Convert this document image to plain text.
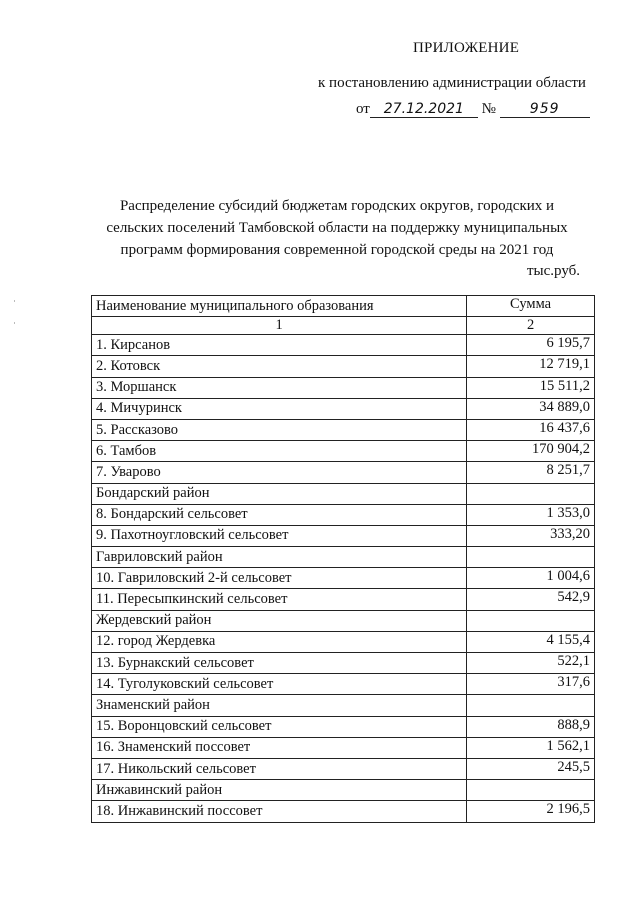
ПРИЛОЖЕНИЕ
к постановлению администрации области
от 27.12.2021 № 959
Распределение субсидий бюджетам городских округов, городских и сельских поселений Тамбовской области на поддержку муниципальных программ формирования современной городской среды на 2021 год
тыс.руб.
Наименование муниципального образования	Сумма
1	2
1. Кирсанов	6 195,7
2. Котовск	12 719,1
3. Моршанск	15 511,2
4. Мичуринск	34 889,0
5. Рассказово	16 437,6
6. Тамбов	170 904,2
7. Уварово	8 251,7
Бондарский район	
8. Бондарский сельсовет	1 353,0
9. Пахотноугловский сельсовет	333,20
Гавриловский район	
10. Гавриловский 2-й сельсовет	1 004,6
11. Пересыпкинский сельсовет	542,9
Жердевский район	
12. город Жердевка	4 155,4
13. Бурнакский сельсовет	522,1
14. Туголуковский сельсовет	317,6
Знаменский район	
15. Воронцовский сельсовет	888,9
16. Знаменский поссовет	1 562,1
17. Никольский сельсовет	245,5
Инжавинский район	
18. Инжавинский поссовет	2 196,5
